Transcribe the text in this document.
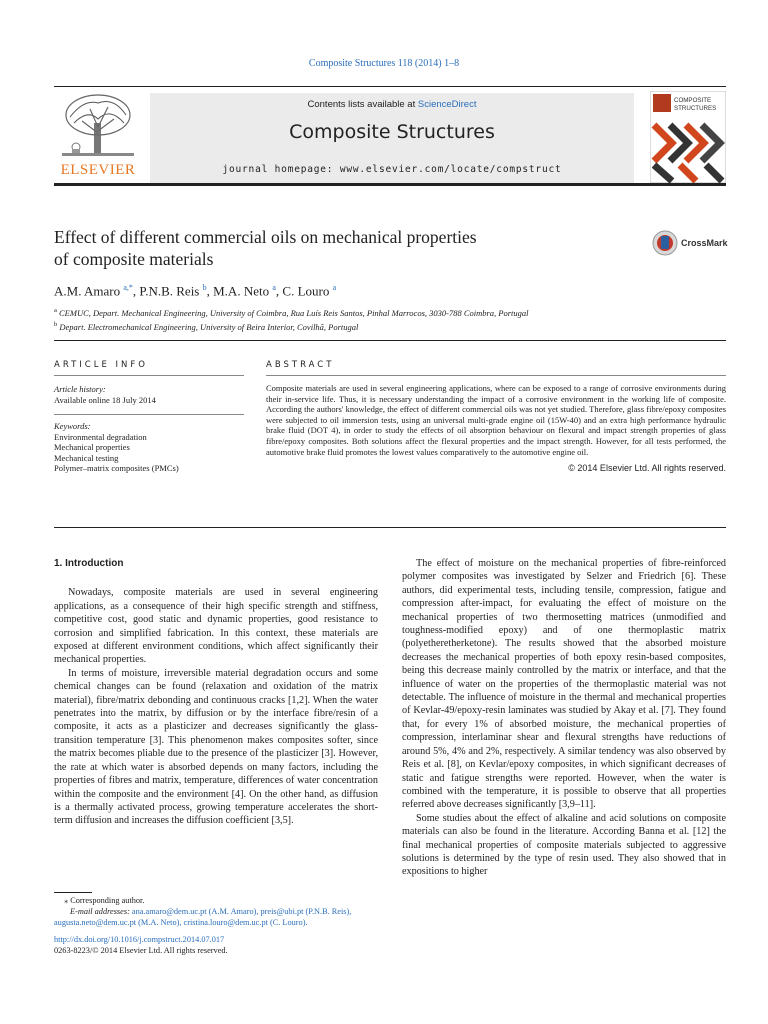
Composite Structures 118 (2014) 1–8
ELSEVIER
Contents lists available at ScienceDirect
Composite Structures
journal homepage: www.elsevier.com/locate/compstruct
COMPOSITE
STRUCTURES
Effect of different commercial oils on mechanical properties
of composite materials
CrossMark
A.M. Amaro $^{a,*}$, P.N.B. Reis $^b$, M.A. Neto $^a$, C. Louro $^a$
$^a$ CEMUC, Depart. Mechanical Engineering, University of Coimbra, Rua Luís Reis Santos, Pinhal Marrocos, 3030-788 Coimbra, Portugal
$^b$ Depart. Electromechanical Engineering, University of Beira Interior, Covilhã, Portugal
ARTICLE INFO	ABSTRACT
Article history:
Available online 18 July 2014
Keywords:
Environmental degradation
Mechanical properties
Mechanical testing
Polymer–matrix composites (PMCs)
Composite materials are used in several engineering applications, where can be exposed to a range of corrosive environments during their in-service life. Thus, it is necessary understanding the impact of a corrosive environment in the working life of composite. According the authors' knowledge, the effect of different commercial oils was not yet studied. Therefore, glass fibre/epoxy composites were subjected to oil immersion tests, using an universal multi-grade engine oil (15W-40) and an extra high performance hydraulic brake fluid (DOT 4), in order to study the effects of oil absorption behaviour on flexural and impact strength properties of glass fibre/epoxy composites. Both solutions affect the flexural properties and the impact strength. However, for all tests performed, the automotive brake fluid promotes the lowest values comparatively to the automotive engine oil.
© 2014 Elsevier Ltd. All rights reserved.
1. Introduction

Nowadays, composite materials are used in several engineering applications, as a consequence of their high specific strength and stiffness, competitive cost, good static and dynamic properties, good resistance to corrosion and simplified fabrication. In this context, these materials are exposed at different environment conditions, which affect significantly their mechanical properties.

In terms of moisture, irreversible material degradation occurs and some chemical changes can be found (relaxation and oxidation of the matrix material), fibre/matrix debonding and continuous cracks [1,2]. When the water penetrates into the matrix, by diffusion or by the interface fibre/resin of a composite, it acts as a plasticizer and decreases significantly the glass-transition temperature [3]. This phenomenon makes composites softer, since the matrix becomes pliable due to the presence of the plasticizer [3]. However, the rate at which water is absorbed depends on many factors, including the properties of fibres and matrix, temperature, differences of water concentration within the composite and the environment [4]. On the other hand, as diffusion is a thermally activated process, growing temperature accelerates the short-term diffusion and increases the diffusion coefficient [3,5].

The effect of moisture on the mechanical properties of fibre-reinforced polymer composites was investigated by Selzer and Friedrich [6]. These authors, did experimental tests, including tensile, compression, fatigue and compression after-impact, for evaluating the effect of moisture on the mechanical properties of two thermosetting matrices (unmodified and toughness-modified epoxy) and of one thermoplastic matrix (polyetheretherketone). The results showed that the absorbed moisture decreases the mechanical properties of both epoxy resin-based composites, being this decrease mainly controlled by the matrix or interface, and that the influence of water on the properties of the thermoplastic material was not detectable. The influence of moisture in the thermal and mechanical properties of Kevlar-49/epoxy-resin laminates was studied by Akay et al. [7]. They found that, for every 1% of absorbed moisture, the mechanical properties of compression, interlaminar shear and flexural strengths have reductions of around 5%, 4% and 2%, respectively. A similar tendency was also observed by Reis et al. [8], on Kevlar/epoxy composites, in which significant decreases of static and fatigue strengths were reported. However, when the water is combined with the temperature, it is possible to observe that all properties referred above decreases significantly [3,9–11].

Some studies about the effect of alkaline and acid solutions on composite materials can also be found in the literature. According Banna et al. [12] the final mechanical properties of composite materials subjected to aggressive solutions is determined by the type of resin used. They also showed that in expositions to higher

⁎ Corresponding author.
E-mail addresses: ana.amaro@dem.uc.pt (A.M. Amaro), preis@ubi.pt (P.N.B. Reis),
augusta.neto@dem.uc.pt (M.A. Neto), cristina.louro@dem.uc.pt (C. Louro).
http://dx.doi.org/10.1016/j.compstruct.2014.07.017
0263-8223/© 2014 Elsevier Ltd. All rights reserved.
